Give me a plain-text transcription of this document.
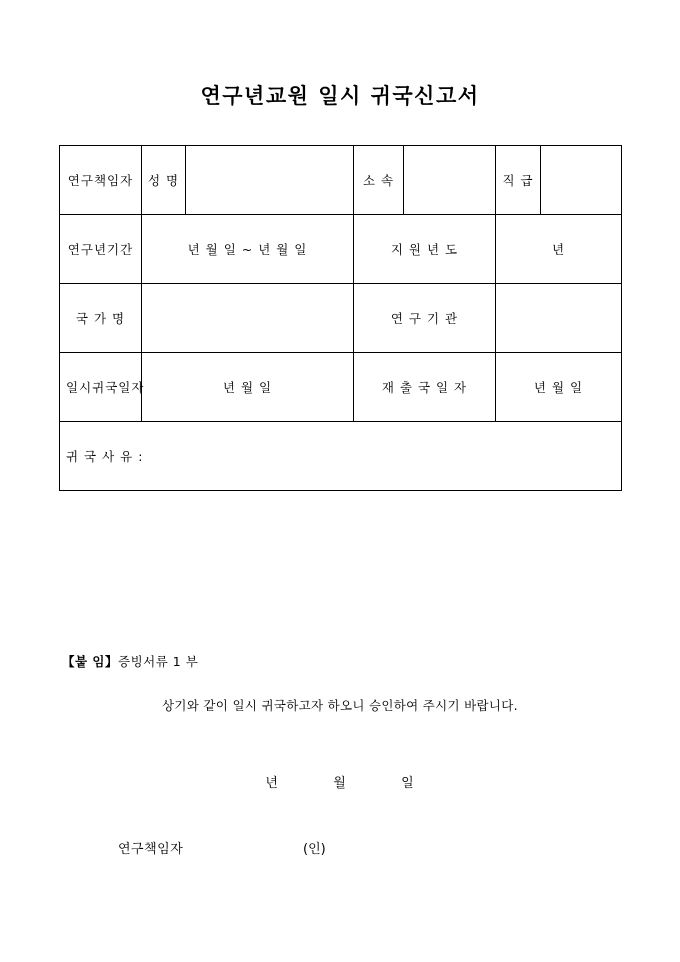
연구년교원 일시 귀국신고서
연구책임자	성 명		소 속		직 급	
연구년기간	년 월 일 ~ 년 월 일		지 원 년 도		년	
국 가 명			연 구 기 관			
일시귀국일자	년 월 일		재 출 국 일 자		년 월 일	
귀 국 사 유 :						
【붙 임】증빙서류 1 부
상기와 같이 일시 귀국하고자 하오니 승인하여 주시기 바랍니다.
년	월	일
연구책임자	(인)
